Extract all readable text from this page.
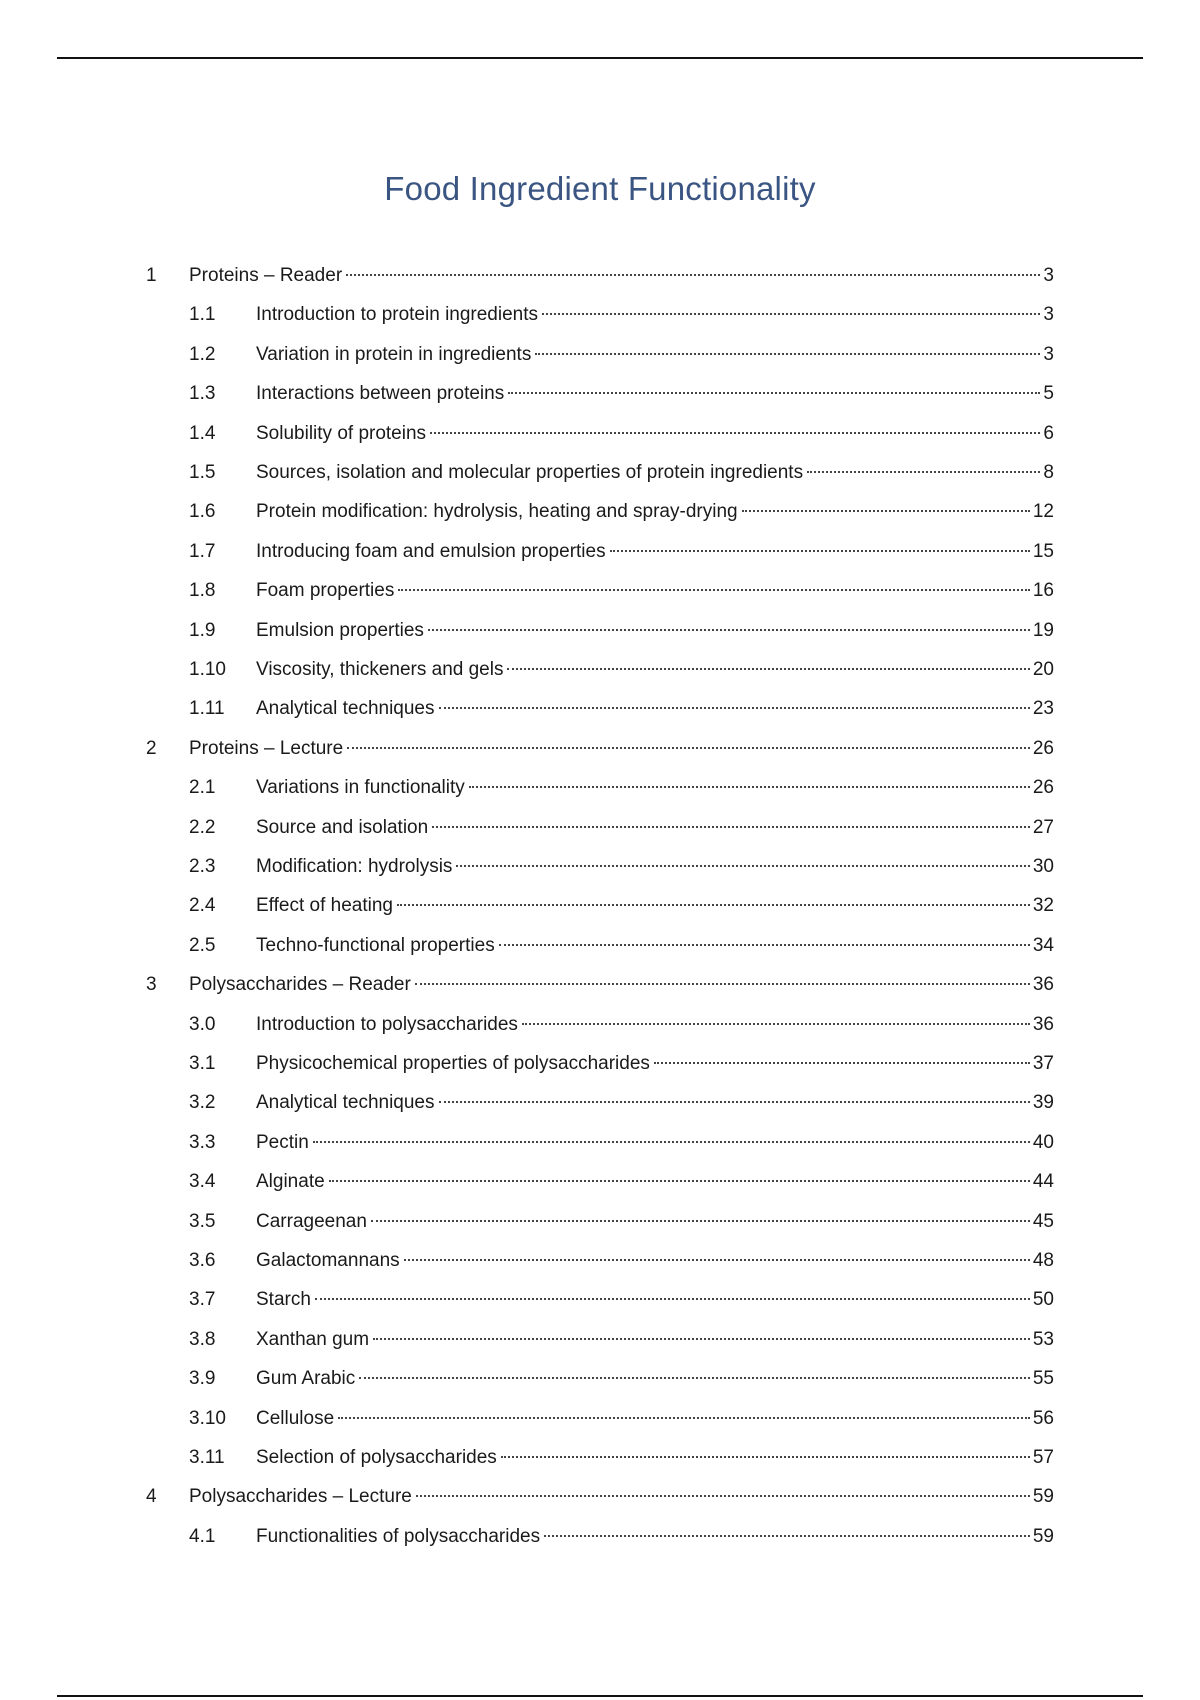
Food Ingredient Functionality
1 Proteins – Reader	3
1.1 Introduction to protein ingredients	3
1.2 Variation in protein in ingredients	3
1.3 Interactions between proteins	5
1.4 Solubility of proteins	6
1.5 Sources, isolation and molecular properties of protein ingredients	8
1.6 Protein modification: hydrolysis, heating and spray-drying	12
1.7 Introducing foam and emulsion properties	15
1.8 Foam properties	16
1.9 Emulsion properties	19
1.10 Viscosity, thickeners and gels	20
1.11 Analytical techniques	23
2 Proteins – Lecture	26
2.1 Variations in functionality	26
2.2 Source and isolation	27
2.3 Modification: hydrolysis	30
2.4 Effect of heating	32
2.5 Techno-functional properties	34
3 Polysaccharides – Reader	36
3.0 Introduction to polysaccharides	36
3.1 Physicochemical properties of polysaccharides	37
3.2 Analytical techniques	39
3.3 Pectin	40
3.4 Alginate	44
3.5 Carrageenan	45
3.6 Galactomannans	48
3.7 Starch	50
3.8 Xanthan gum	53
3.9 Gum Arabic	55
3.10 Cellulose	56
3.11 Selection of polysaccharides	57
4 Polysaccharides – Lecture	59
4.1 Functionalities of polysaccharides	59
